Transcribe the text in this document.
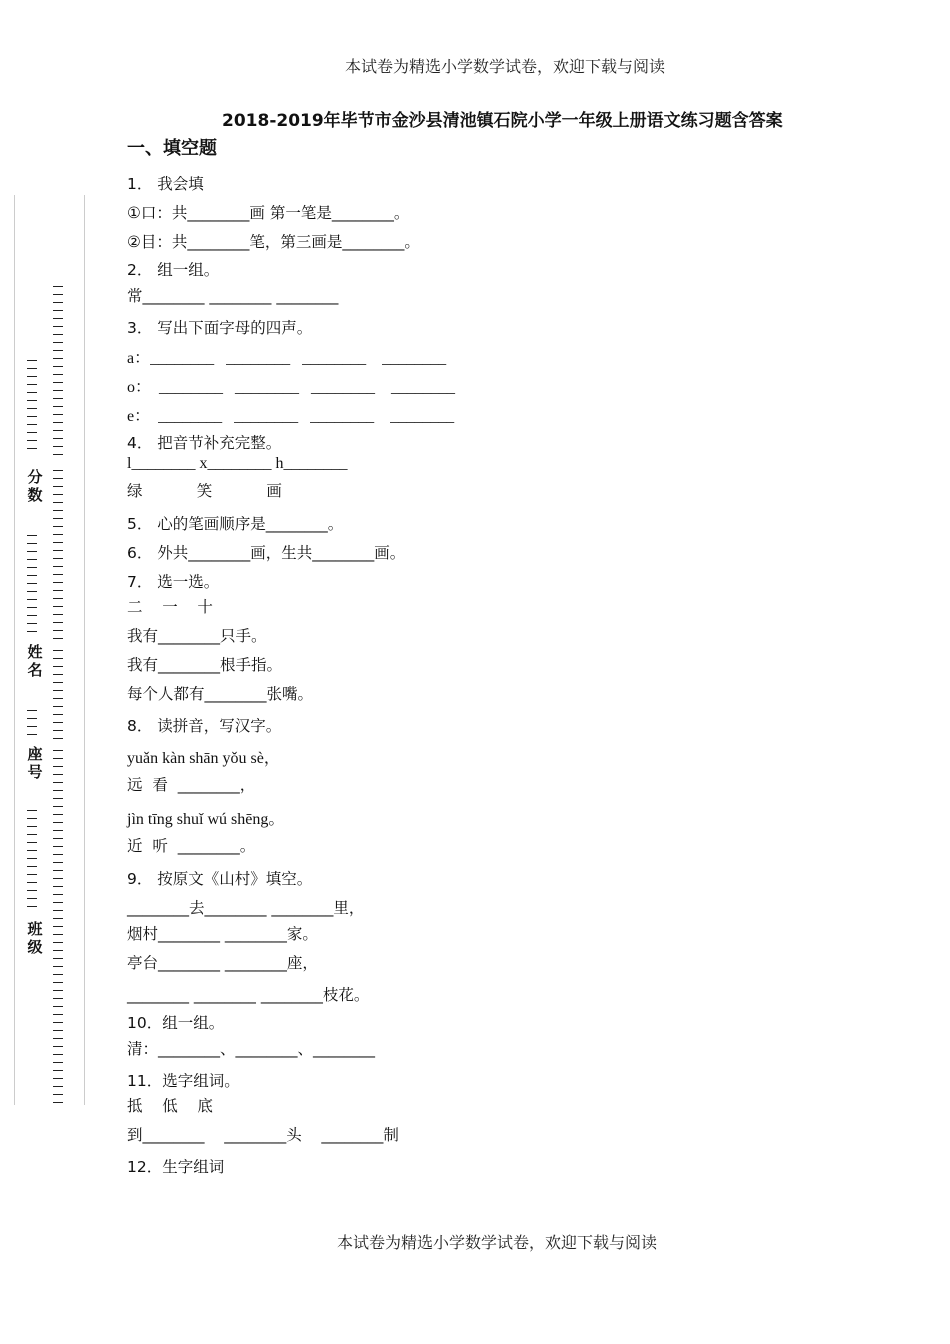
本试卷为精选小学数学试卷，欢迎下载与阅读
2018-2019年毕节市金沙县清池镇石院小学一年级上册语文练习题含答案
一、填空题
分数
姓名
座号
班级
1． 我会填
①口：共________画 第一笔是________。
②目：共________笔，第三画是________。
2． 组一组。
常________ ________ ________
3． 写出下面字母的四声。
a：________   ________   ________    ________
o：  ________   ________   ________    ________
e：  ________   ________   ________    ________
4． 把音节补充完整。
l________ x________ h________
绿           笑           画
5． 心的笔画顺序是________。
6． 外共________画，生共________画。
7． 选一选。
二    一    十
我有________只手。
我有________根手指。
每个人都有________张嘴。
8． 读拼音，写汉字。
yuǎn kàn shān yǒu sè，
远  看  ________，
jìn tīng shuǐ wú shēng。
近  听  ________。
9． 按原文《山村》填空。
________去________ ________里，
烟村________ ________家。
亭台________ ________座，
________ ________ ________枝花。
10．组一组。
清：________、________、________
11．选字组词。
抵    低    底
到________    ________头    ________制
12．生字组词
本试卷为精选小学数学试卷，欢迎下载与阅读
